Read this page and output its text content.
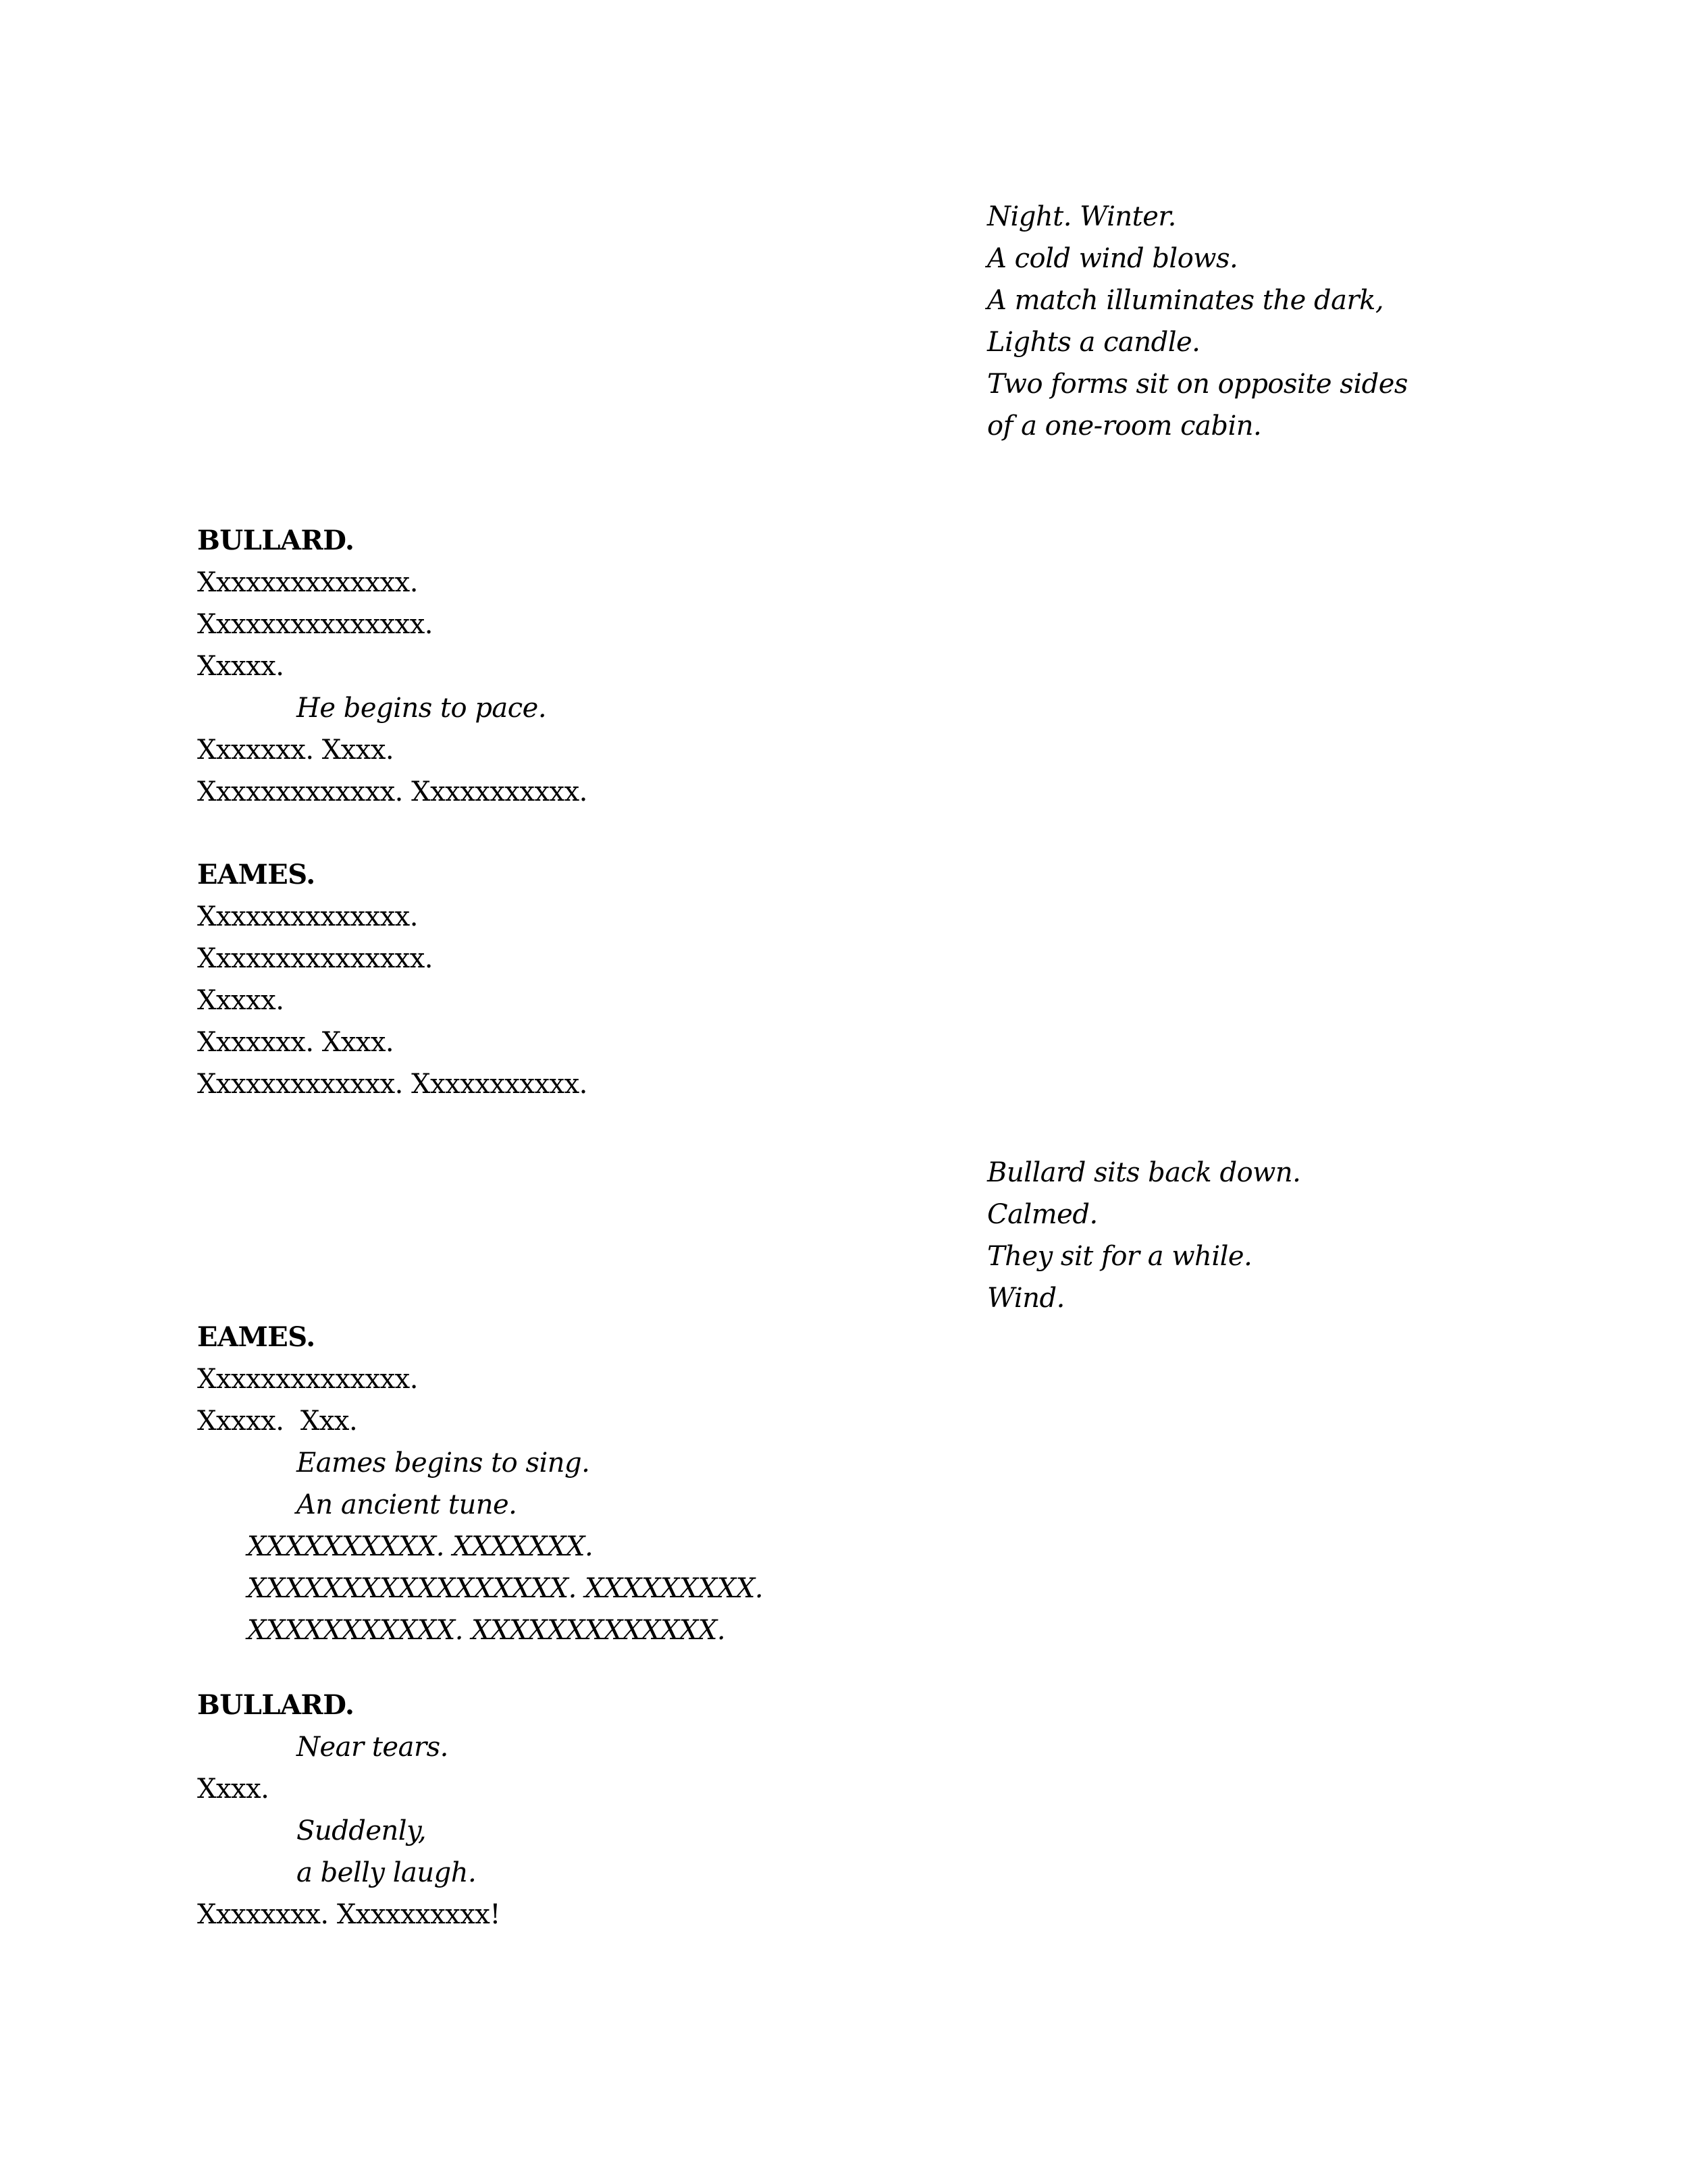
Night. Winter.
A cold wind blows.
A match illuminates the dark,
Lights a candle.
Two forms sit on opposite sides
of a one-room cabin.
BULLARD.
Xxxxxxxxxxxxxx.
Xxxxxxxxxxxxxxx.
Xxxxx.
He begins to pace.
Xxxxxxx. Xxxx.
Xxxxxxxxxxxxx. Xxxxxxxxxxx.
EAMES.
Xxxxxxxxxxxxxx.
Xxxxxxxxxxxxxxx.
Xxxxx.
Xxxxxxx. Xxxx.
Xxxxxxxxxxxxx. Xxxxxxxxxxx.
Bullard sits back down.
Calmed.
They sit for a while.
Wind.
EAMES.
Xxxxxxxxxxxxxx.
Xxxxx.  Xxx.
Eames begins to sing.
An ancient tune.
XXXXXXXXXX. XXXXXXX.
XXXXXXXXXXXXXXXXX. XXXXXXXXX.
XXXXXXXXXXX. XXXXXXXXXXXXX.
BULLARD.
Near tears.
Xxxx.
Suddenly,
a belly laugh.
Xxxxxxxx. Xxxxxxxxxx!
